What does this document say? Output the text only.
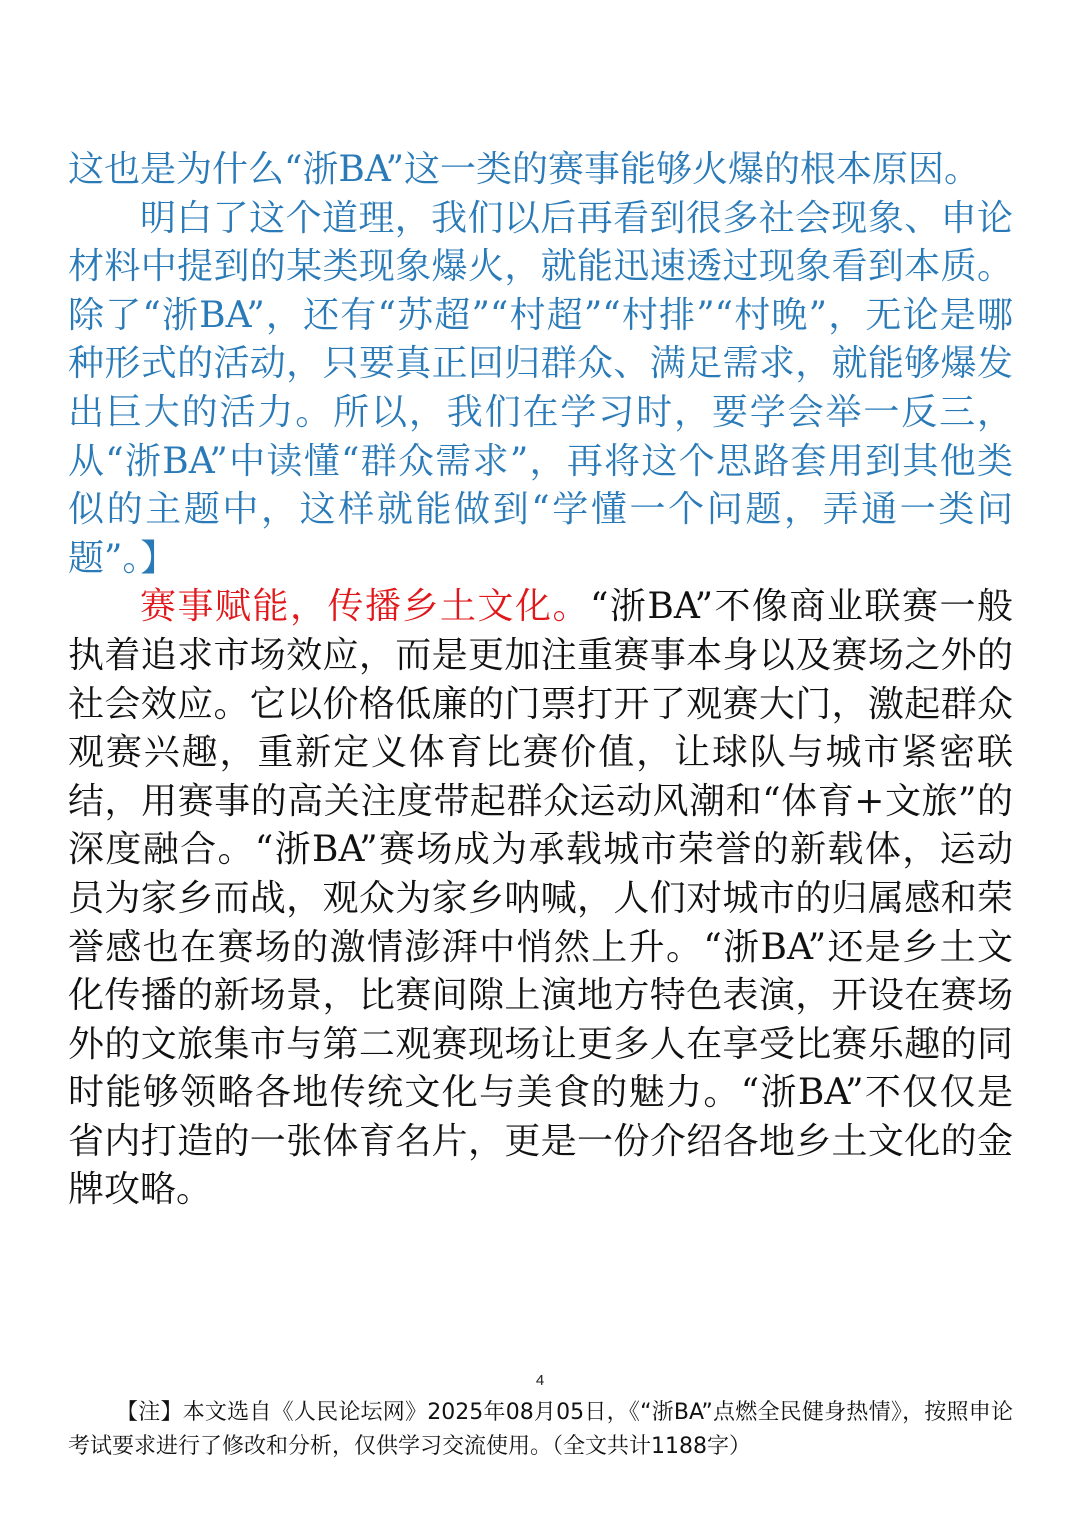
这也是为什么“浙BA”这一类的赛事能够火爆的根本原因。

明白了这个道理，我们以后再看到很多社会现象、申论材料中提到的某类现象爆火，就能迅速透过现象看到本质。除了“浙BA”，还有“苏超”“村超”“村排”“村晚”，无论是哪种形式的活动，只要真正回归群众、满足需求，就能够爆发出巨大的活力。所以，我们在学习时，要学会举一反三，从“浙BA”中读懂“群众需求”，再将这个思路套用到其他类似的主题中，这样就能做到“学懂一个问题，弄通一类问题”。】

赛事赋能，传播乡土文化。“浙BA”不像商业联赛一般执着追求市场效应，而是更加注重赛事本身以及赛场之外的社会效应。它以价格低廉的门票打开了观赛大门，激起群众观赛兴趣，重新定义体育比赛价值，让球队与城市紧密联结，用赛事的高关注度带起群众运动风潮和“体育+文旅”的深度融合。“浙BA”赛场成为承载城市荣誉的新载体，运动员为家乡而战，观众为家乡呐喊，人们对城市的归属感和荣誉感也在赛场的激情澎湃中悄然上升。“浙BA”还是乡土文化传播的新场景，比赛间隙上演地方特色表演，开设在赛场外的文旅集市与第二观赛现场让更多人在享受比赛乐趣的同时能够领略各地传统文化与美食的魅力。“浙BA”不仅仅是省内打造的一张体育名片，更是一份介绍各地乡土文化的金牌攻略。

4

【注】本文选自《人民论坛网》2025年08月05日，《“浙BA”点燃全民健身热情》，按照申论考试要求进行了修改和分析，仅供学习交流使用。（全文共计1188字）
